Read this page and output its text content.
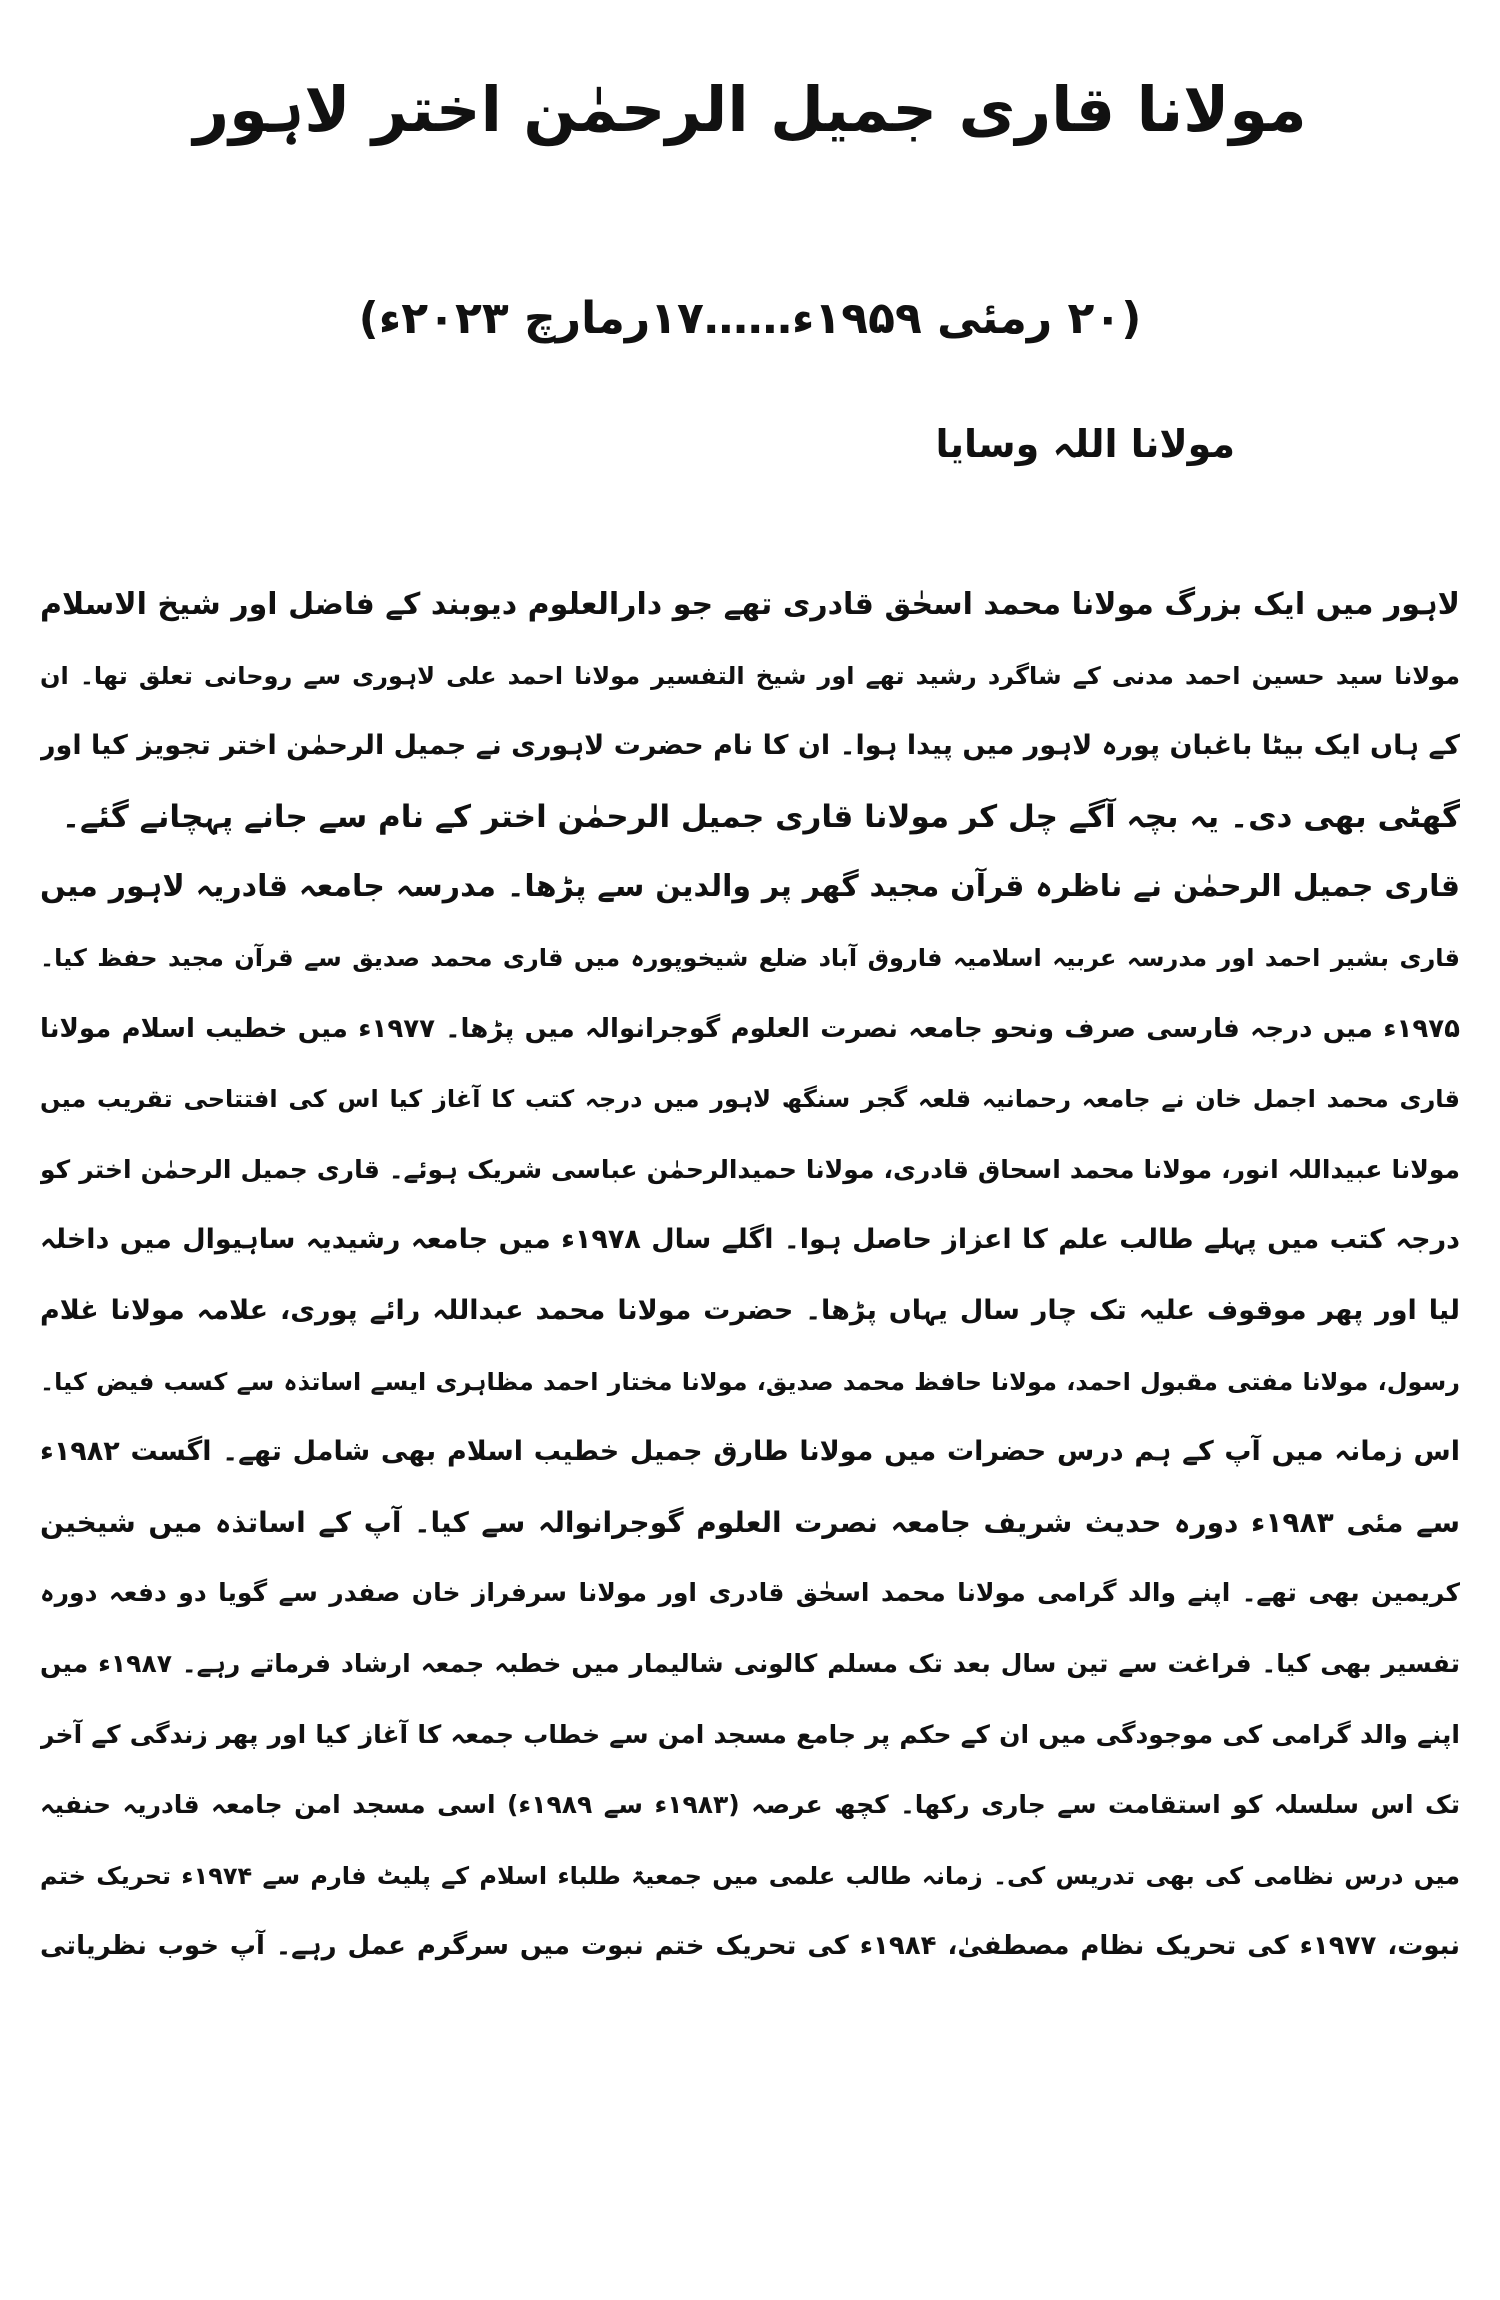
مولانا قاری جمیل الرحمٰن اختر لاہور
(۲۰ رمئی ۱۹۵۹ء……۱۷رمارچ ۲۰۲۳ء)
مولانا اللہ وسایا
لاہور میں ایک بزرگ مولانا محمد اسحٰق قادری تھے جو دارالعلوم دیوبند کے فاضل اور شیخ الاسلام
مولانا سید حسین احمد مدنی کے شاگرد رشید تھے اور شیخ التفسیر مولانا احمد علی لاہوری سے روحانی تعلق تھا۔ ان
کے ہاں ایک بیٹا باغبان پورہ لاہور میں پیدا ہوا۔ ان کا نام حضرت لاہوری نے جمیل الرحمٰن اختر تجویز کیا اور
گھٹی بھی دی۔ یہ بچہ آگے چل کر مولانا قاری جمیل الرحمٰن اختر کے نام سے جانے پہچانے گئے۔
قاری جمیل الرحمٰن نے ناظرہ قرآن مجید گھر پر والدین سے پڑھا۔ مدرسہ جامعہ قادریہ لاہور میں
قاری بشیر احمد اور مدرسہ عربیہ اسلامیہ فاروق آباد ضلع شیخوپورہ میں قاری محمد صدیق سے قرآن مجید حفظ کیا۔
۱۹۷۵ء میں درجہ فارسی صرف ونحو جامعہ نصرت العلوم گوجرانوالہ میں پڑھا۔ ۱۹۷۷ء میں خطیب اسلام مولانا
قاری محمد اجمل خان نے جامعہ رحمانیہ قلعہ گجر سنگھ لاہور میں درجہ کتب کا آغاز کیا اس کی افتتاحی تقریب میں
مولانا عبیداللہ انور، مولانا محمد اسحاق قادری، مولانا حمیدالرحمٰن عباسی شریک ہوئے۔ قاری جمیل الرحمٰن اختر کو
درجہ کتب میں پہلے طالب علم کا اعزاز حاصل ہوا۔ اگلے سال ۱۹۷۸ء میں جامعہ رشیدیہ ساہیوال میں داخلہ
لیا اور پھر موقوف علیہ تک چار سال یہاں پڑھا۔ حضرت مولانا محمد عبداللہ رائے پوری، علامہ مولانا غلام
رسول، مولانا مفتی مقبول احمد، مولانا حافظ محمد صدیق، مولانا مختار احمد مظاہری ایسے اساتذہ سے کسب فیض کیا۔
اس زمانہ میں آپ کے ہم درس حضرات میں مولانا طارق جمیل خطیب اسلام بھی شامل تھے۔ اگست ۱۹۸۲ء
سے مئی ۱۹۸۳ء دورہ حدیث شریف جامعہ نصرت العلوم گوجرانوالہ سے کیا۔ آپ کے اساتذہ میں شیخین
کریمین بھی تھے۔ اپنے والد گرامی مولانا محمد اسحٰق قادری اور مولانا سرفراز خان صفدر سے گویا دو دفعہ دورہ
تفسیر بھی کیا۔ فراغت سے تین سال بعد تک مسلم کالونی شالیمار میں خطبہ جمعہ ارشاد فرماتے رہے۔ ۱۹۸۷ء میں
اپنے والد گرامی کی موجودگی میں ان کے حکم پر جامع مسجد امن سے خطاب جمعہ کا آغاز کیا اور پھر زندگی کے آخر
تک اس سلسلہ کو استقامت سے جاری رکھا۔ کچھ عرصہ (۱۹۸۳ء سے ۱۹۸۹ء) اسی مسجد امن جامعہ قادریہ حنفیہ
میں درس نظامی کی بھی تدریس کی۔ زمانہ طالب علمی میں جمعیۃ طلباء اسلام کے پلیٹ فارم سے ۱۹۷۴ء تحریک ختم
نبوت، ۱۹۷۷ء کی تحریک نظام مصطفیٰ، ۱۹۸۴ء کی تحریک ختم نبوت میں سرگرم عمل رہے۔ آپ خوب نظریاتی
